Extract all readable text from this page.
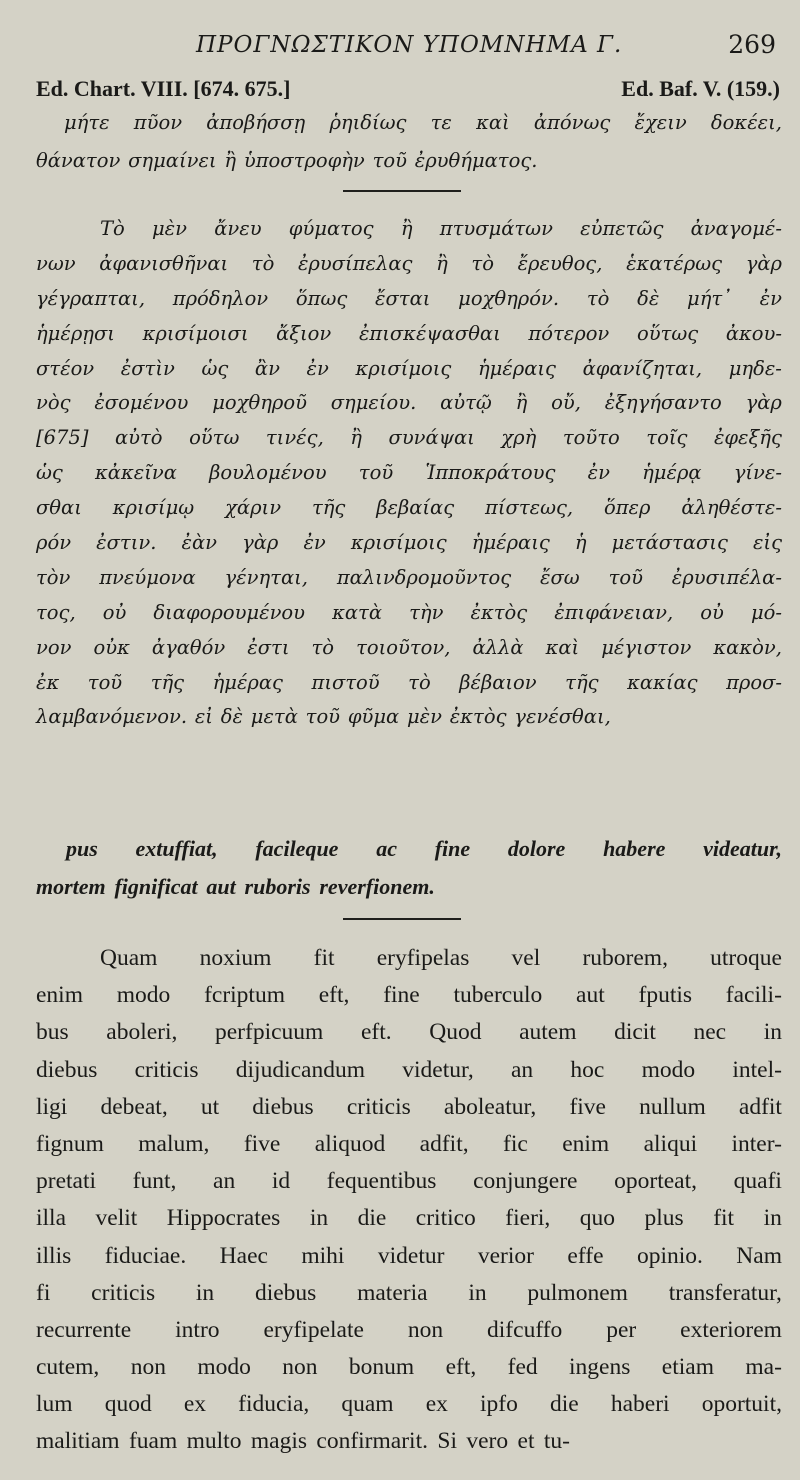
ΠΡΟΓΝΩΣΤΙΚΟΝ ΥΠΟΜΝΗΜΑ Γ.	269
Ed. Chart. VIII. [674. 675.]	Ed. Baf. V. (159.)
μήτε πῦον ἀποβήσσῃ ῥηιδίως τε καὶ ἀπόνως ἔχειν δοκέει,
θάνατον σημαίνει ἢ ὑποστροφὴν τοῦ ἐρυθήματος.
Τὸ μὲν ἄνευ φύματος ἢ πτυσμάτων εὐπετῶς ἀναγομέ-
νων ἀφανισθῆναι τὸ ἐρυσίπελας ἢ τὸ ἔρευθος, ἑκατέρως γὰρ
γέγραπται, πρόδηλον ὅπως ἔσται μοχθηρόν. τὸ δὲ μήτ᾽ ἐν
ἡμέρῃσι κρισίμοισι ἄξιον ἐπισκέψασθαι πότερον οὕτως ἀκου-
στέον ἐστὶν ὡς ἂν ἐν κρισίμοις ἡμέραις ἀφανίζηται, μηδε-
νὸς ἐσομένου μοχθηροῦ σημείου. αὐτῷ ἢ οὔ, ἐξηγήσαντο γὰρ
[675] αὐτὸ οὕτω τινές, ἢ συνάψαι χρὴ τοῦτο τοῖς ἐφεξῆς
ὡς κἀκεῖνα βουλομένου τοῦ Ἱπποκράτους ἐν ἡμέρᾳ γίνε-
σθαι κρισίμῳ χάριν τῆς βεβαίας πίστεως, ὅπερ ἀληθέστε-
ρόν ἐστιν. ἐὰν γὰρ ἐν κρισίμοις ἡμέραις ἡ μετάστασις εἰς
τὸν πνεύμονα γένηται, παλινδρομοῦντος ἔσω τοῦ ἐρυσιπέλα-
τος, οὐ διαφορουμένου κατὰ τὴν ἐκτὸς ἐπιφάνειαν, οὐ μό-
νον οὐκ ἀγαθόν ἐστι τὸ τοιοῦτον, ἀλλὰ καὶ μέγιστον κακὸν,
ἐκ τοῦ τῆς ἡμέρας πιστοῦ τὸ βέβαιον τῆς κακίας προσ-
λαμβανόμενον. εἰ δὲ μετὰ τοῦ φῦμα μὲν ἐκτὸς γενέσθαι,
pus extuffiat, facileque ac fine dolore habere videatur,
mortem fignificat aut ruboris reverfionem.
Quam noxium fit eryfipelas vel ruborem, utroque
enim modo fcriptum eft, fine tuberculo aut fputis facili-
bus aboleri, perfpicuum eft. Quod autem dicit nec in
diebus criticis dijudicandum videtur, an hoc modo intel-
ligi debeat, ut diebus criticis aboleatur, five nullum adfit
fignum malum, five aliquod adfit, fic enim aliqui inter-
pretati funt, an id fequentibus conjungere oporteat, quafi
illa velit Hippocrates in die critico fieri, quo plus fit in
illis fiduciae. Haec mihi videtur verior effe opinio. Nam
fi criticis in diebus materia in pulmonem transferatur,
recurrente intro eryfipelate non difcuffo per exteriorem
cutem, non modo non bonum eft, fed ingens etiam ma-
lum quod ex fiducia, quam ex ipfo die haberi oportuit,
malitiam fuam multo magis confirmarit. Si vero et tu-
